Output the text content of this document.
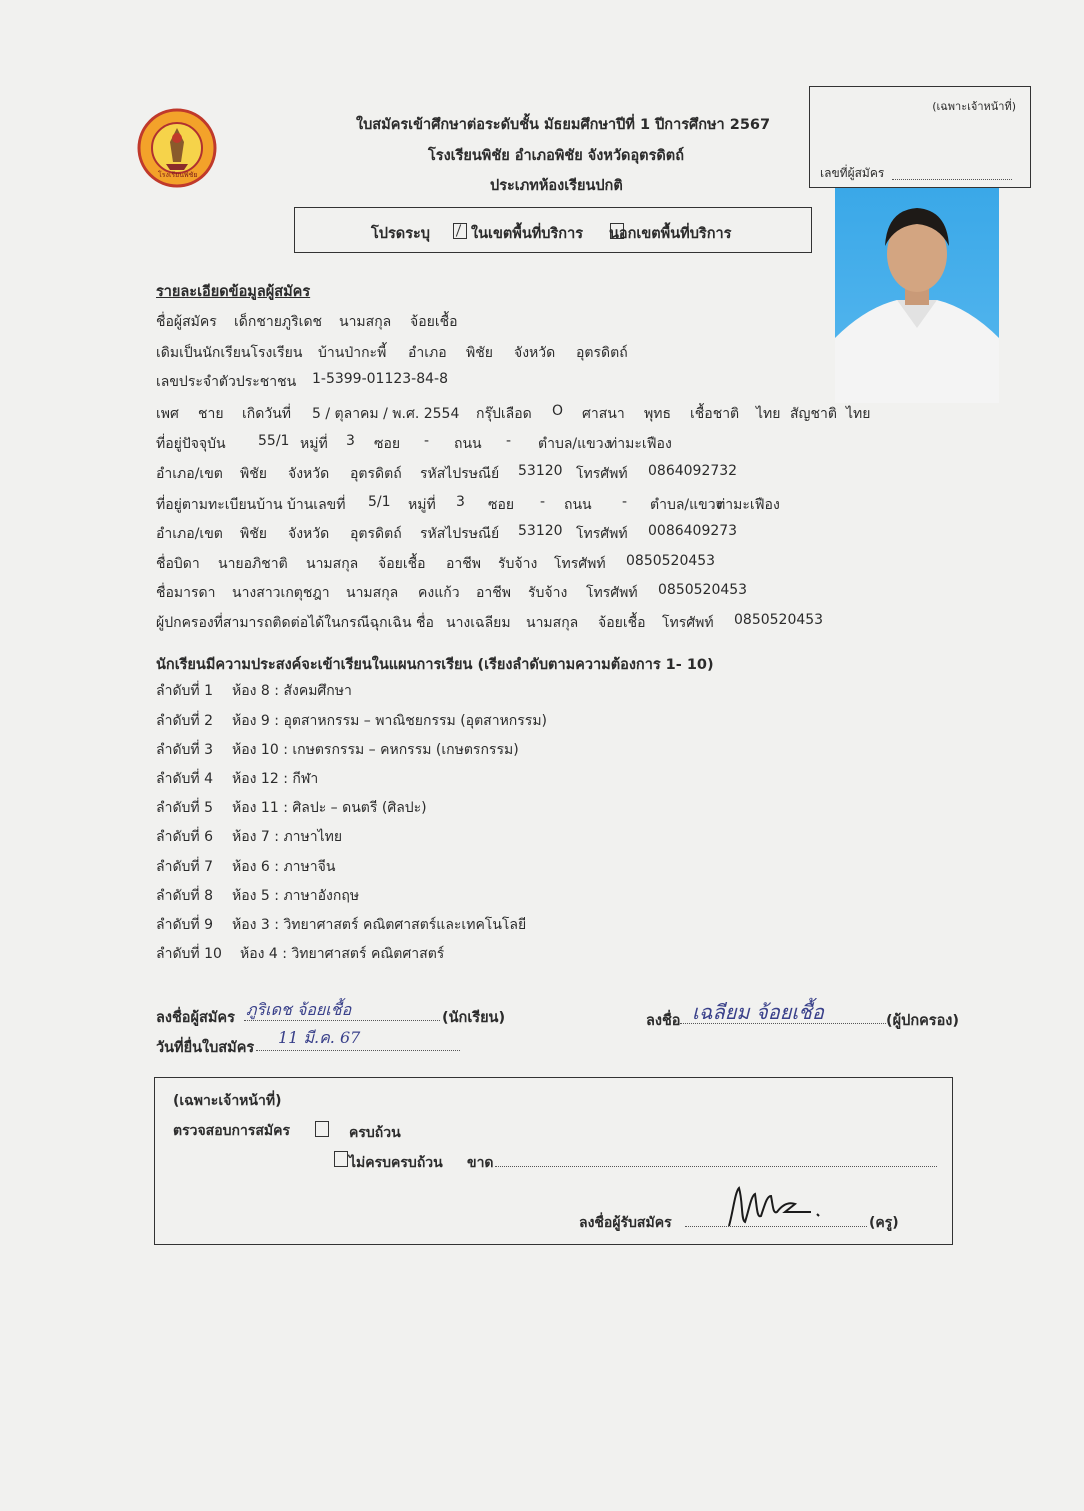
โรงเรียนพิชัย
ใบสมัครเข้าศึกษาต่อระดับชั้น มัธยมศึกษาปีที่ 1 ปีการศึกษา 2567
โรงเรียนพิชัย อำเภอพิชัย จังหวัดอุตรดิตถ์
ประเภทห้องเรียนปกติ
(เฉพาะเจ้าหน้าที่)
เลขที่ผู้สมัคร
โปรดระบุ
	ในเขตพื้นที่บริการ นอกเขตพื้นที่บริการ
รายละเอียดข้อมูลผู้สมัคร
ชื่อผู้สมัคร เด็กชายภูริเดช นามสกุล จ้อยเชื้อ
เดิมเป็นนักเรียนโรงเรียน บ้านป่ากะพี้ อำเภอ พิชัย จังหวัด อุตรดิตถ์
เลขประจำตัวประชาชน 1-5399-01123-84-8
เพศ ชาย เกิดวันที่ 5 / ตุลาคม / พ.ศ. 2554 กรุ๊ปเลือด O ศาสนา พุทธ เชื้อชาติ ไทย สัญชาติ ไทย
ที่อยู่ปัจจุบัน 55/1 หมู่ที่ 3 ซอย - ถนน - ตำบล/แขวง
ท่ามะเฟือง
อำเภอ/เขต พิชัย จังหวัด อุตรดิตถ์ รหัสไปรษณีย์ 53120 โทรศัพท์ 0864092732
ที่อยู่ตามทะเบียนบ้าน บ้านเลขที่ 5/1 หมู่ที่ 3 ซอย - ถนน - ตำบล/แขวง
ท่ามะเฟือง
อำเภอ/เขต พิชัย จังหวัด อุตรดิตถ์ รหัสไปรษณีย์ 53120 โทรศัพท์ 0086409273
ชื่อบิดา นายอภิชาติ นามสกุล จ้อยเชื้อ อาชีพ รับจ้าง โทรศัพท์ 0850520453
ชื่อมารดา นางสาวเกตุชฎา นามสกุล คงแก้ว อาชีพ รับจ้าง โทรศัพท์ 0850520453
ผู้ปกครองที่สามารถติดต่อได้ในกรณีฉุกเฉิน ชื่อ นางเฉลียม นามสกุล จ้อยเชื้อ โทรศัพท์ 0850520453
นักเรียนมีความประสงค์จะเข้าเรียนในแผนการเรียน (เรียงลำดับตามความต้องการ 1- 10)
ลำดับที่ 1 ห้อง 8 : สังคมศึกษา
ลำดับที่ 2 ห้อง 9 : อุตสาหกรรม – พาณิชยกรรม (อุตสาหกรรม)
ลำดับที่ 3 ห้อง 10 : เกษตรกรรม – คหกรรม (เกษตรกรรม)
ลำดับที่ 4 ห้อง 12 : กีฬา
ลำดับที่ 5 ห้อง 11 : ศิลปะ – ดนตรี (ศิลปะ)
ลำดับที่ 6 ห้อง 7 : ภาษาไทย
ลำดับที่ 7 ห้อง 6 : ภาษาจีน
ลำดับที่ 8 ห้อง 5 : ภาษาอังกฤษ
ลำดับที่ 9 ห้อง 3 : วิทยาศาสตร์ คณิตศาสตร์และเทคโนโลยี
ลำดับที่ 10 ห้อง 4 : วิทยาศาสตร์ คณิตศาสตร์
ลงชื่อผู้สมัคร ภูริเดช จ้อยเชื้อ	(นักเรียน)
วันที่ยื่นใบสมัคร
11 มี.ค. 67
ลงชื่อ เฉลียม จ้อยเชื้อ	(ผู้ปกครอง)
(เฉพาะเจ้าหน้าที่)
ตรวจสอบการสมัคร
	ครบถ้วน
ไม่ครบครบถ้วน ขาด
ลงชื่อผู้รับสมัคร	(ครู)
